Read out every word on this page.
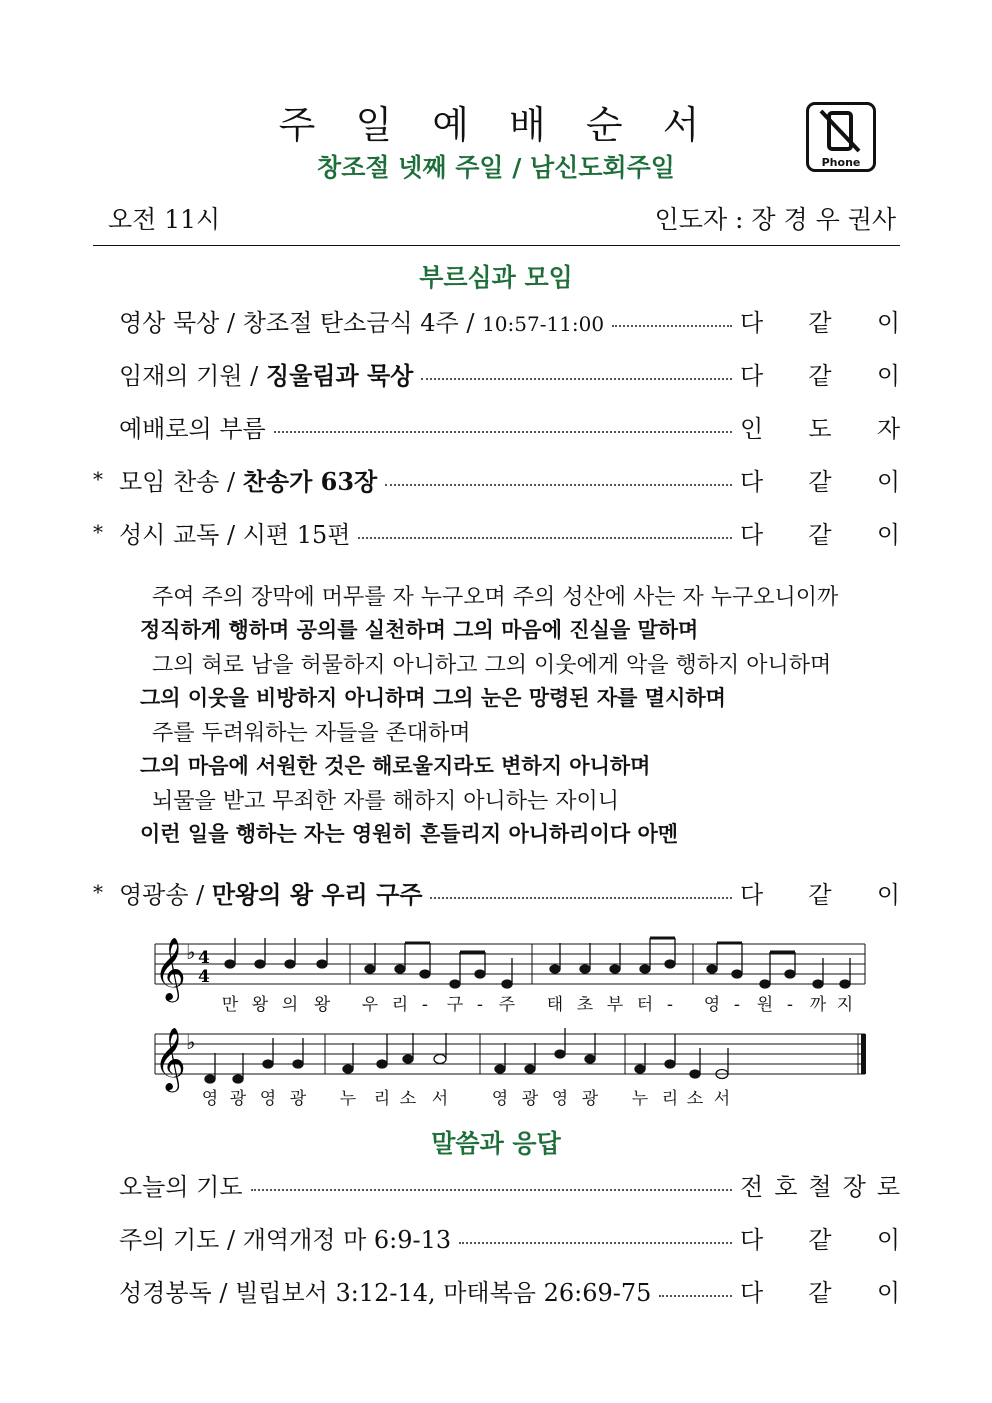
주 일 예 배 순 서
창조절 넷째 주일 / 남신도회주일	Phone
오전 11시	인도자 : 장 경 우 권사
부르심과 모임
영상 묵상 / 창조절 탄소금식 4주 / 10:57-11:00	다 같 이
임재의 기원 / 징울림과 묵상	다 같 이
예배로의 부름	인 도 자
* 모임 찬송 / 찬송가 63장	다 같 이
* 성시 교독 / 시편 15편	다 같 이
주여 주의 장막에 머무를 자 누구오며 주의 성산에 사는 자 누구오니이까
정직하게 행하며 공의를 실천하며 그의 마음에 진실을 말하며
그의 혀로 남을 허물하지 아니하고 그의 이웃에게 악을 행하지 아니하며
그의 이웃을 비방하지 아니하며 그의 눈은 망령된 자를 멸시하며
주를 두려워하는 자들을 존대하며
그의 마음에 서원한 것은 해로울지라도 변하지 아니하며
뇌물을 받고 무죄한 자를 해하지 아니하는 자이니
이런 일을 행하는 자는 영원히 흔들리지 아니하리이다 아멘
* 영광송 / 만왕의 왕 우리 구주	다 같 이
𝄞
𝄞
♭
♭
4
4
만 왕 의 왕 우 리 - 구 - 주 태 초 부 터 - 영 - 원 - 까 지
영 광 영 광 누 리 소 서	영 광 영 광 누 리 소 서
말씀과 응답
오늘의 기도	전 호 철 장 로
주의 기도 / 개역개정 마 6:9-13	다 같 이
성경봉독 / 빌립보서 3:12-14, 마태복음 26:69-75	다 같 이
